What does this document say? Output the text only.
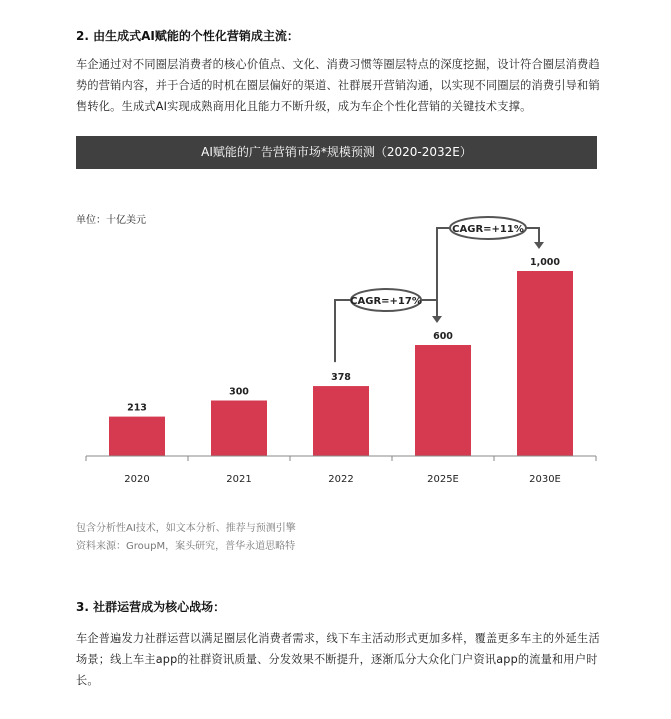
2. 由生成式AI赋能的个性化营销成主流：
车企通过对不同圈层消费者的核心价值点、文化、消费习惯等圈层特点的深度挖掘，设计符合圈层消费趋势的营销内容，并于合适的时机在圈层偏好的渠道、社群展开营销沟通，以实现不同圈层的消费引导和销售转化。生成式AI实现成熟商用化且能力不断升级，成为车企个性化营销的关键技术支撑。
AI赋能的广告营销市场*规模预测（2020-2032E）
单位：十亿美元
213
2020
300
2021
378
2022
600
2025E
1,000
2030E
CAGR=+17%
CAGR=+11%
包含分析性AI技术，如文本分析、推荐与预测引擎
资料来源：GroupM，案头研究，普华永道思略特
3. 社群运营成为核心战场：
车企普遍发力社群运营以满足圈层化消费者需求，线下车主活动形式更加多样，覆盖更多车主的外延生活场景；线上车主app的社群资讯质量、分发效果不断提升，逐渐瓜分大众化门户资讯app的流量和用户时长。
